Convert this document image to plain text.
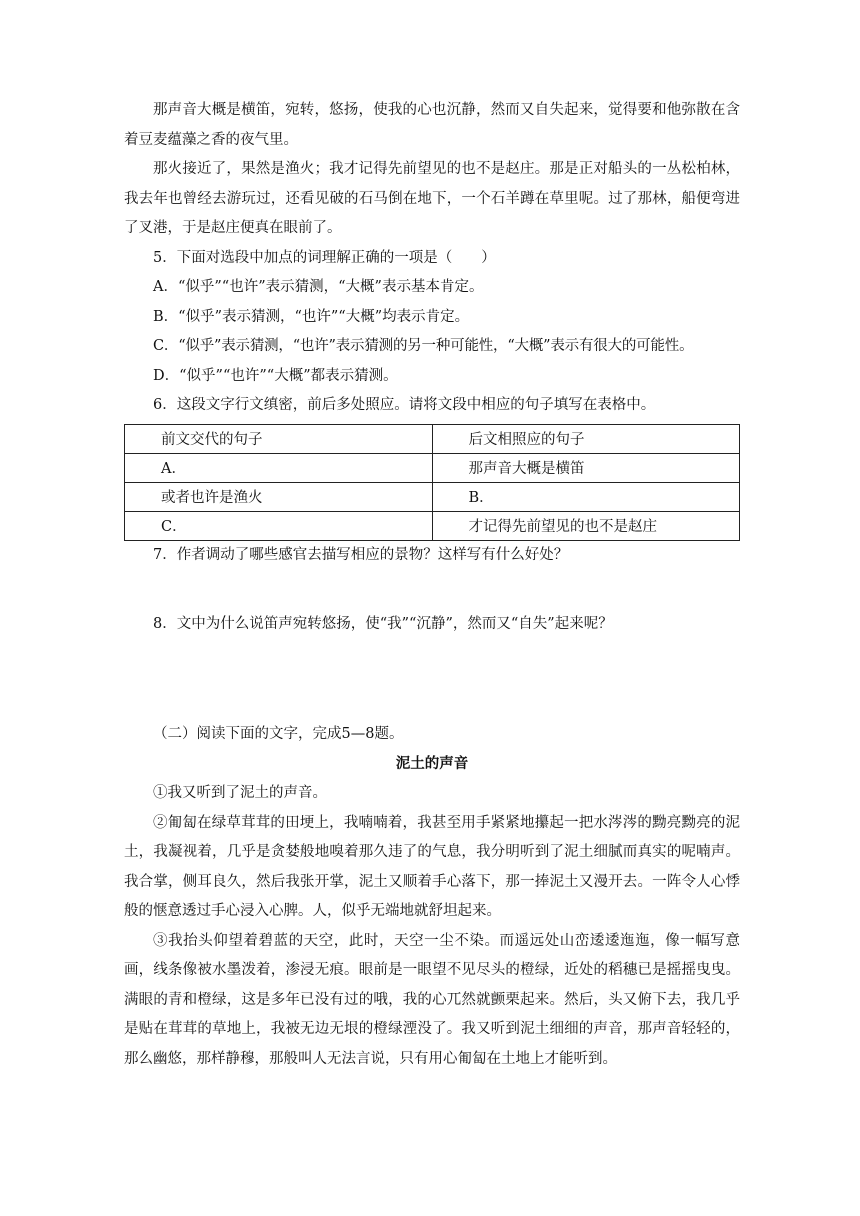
那声音大概是横笛，宛转，悠扬，使我的心也沉静，然而又自失起来，觉得要和他弥散在含着豆麦蕴藻之香的夜气里。

那火接近了，果然是渔火；我才记得先前望见的也不是赵庄。那是正对船头的一丛松柏林，我去年也曾经去游玩过，还看见破的石马倒在地下，一个石羊蹲在草里呢。过了那林，船便弯进了叉港，于是赵庄便真在眼前了。

5．下面对选段中加点的词理解正确的一项是（　　）

A．“似乎”“也许”表示猜测，“大概”表示基本肯定。

B．“似乎”表示猜测，“也许”“大概”均表示肯定。

C．“似乎”表示猜测，“也许”表示猜测的另一种可能性，“大概”表示有很大的可能性。

D．“似乎”“也许”“大概”都表示猜测。

6．这段文字行文缜密，前后多处照应。请将文段中相应的句子填写在表格中。

前文交代的句子	后文相照应的句子
A．	那声音大概是横笛
或者也许是渔火	B．
C．	才记得先前望见的也不是赵庄

7．作者调动了哪些感官去描写相应的景物？这样写有什么好处？

8．文中为什么说笛声宛转悠扬，使“我”“沉静”，然而又“自失”起来呢？

（二）阅读下面的文字，完成5—8题。

泥土的声音

①我又听到了泥土的声音。

②匍匐在绿草茸茸的田埂上，我喃喃着，我甚至用手紧紧地攥起一把水涔涔的黝亮黝亮的泥土，我凝视着，几乎是贪婪般地嗅着那久违了的气息，我分明听到了泥土细腻而真实的呢喃声。我合掌，侧耳良久，然后我张开掌，泥土又顺着手心落下，那一捧泥土又漫开去。一阵令人心悸般的惬意透过手心浸入心脾。人，似乎无端地就舒坦起来。

③我抬头仰望着碧蓝的天空，此时，天空一尘不染。而遥远处山峦逶逶迤迤，像一幅写意画，线条像被水墨泼着，渗浸无痕。眼前是一眼望不见尽头的橙绿，近处的稻穗已是摇摇曳曳。满眼的青和橙绿，这是多年已没有过的哦，我的心兀然就颤栗起来。然后，头又俯下去，我几乎是贴在茸茸的草地上，我被无边无垠的橙绿湮没了。我又听到泥土细细的声音，那声音轻轻的，那么幽悠，那样静穆，那般叫人无法言说，只有用心匍匐在土地上才能听到。
